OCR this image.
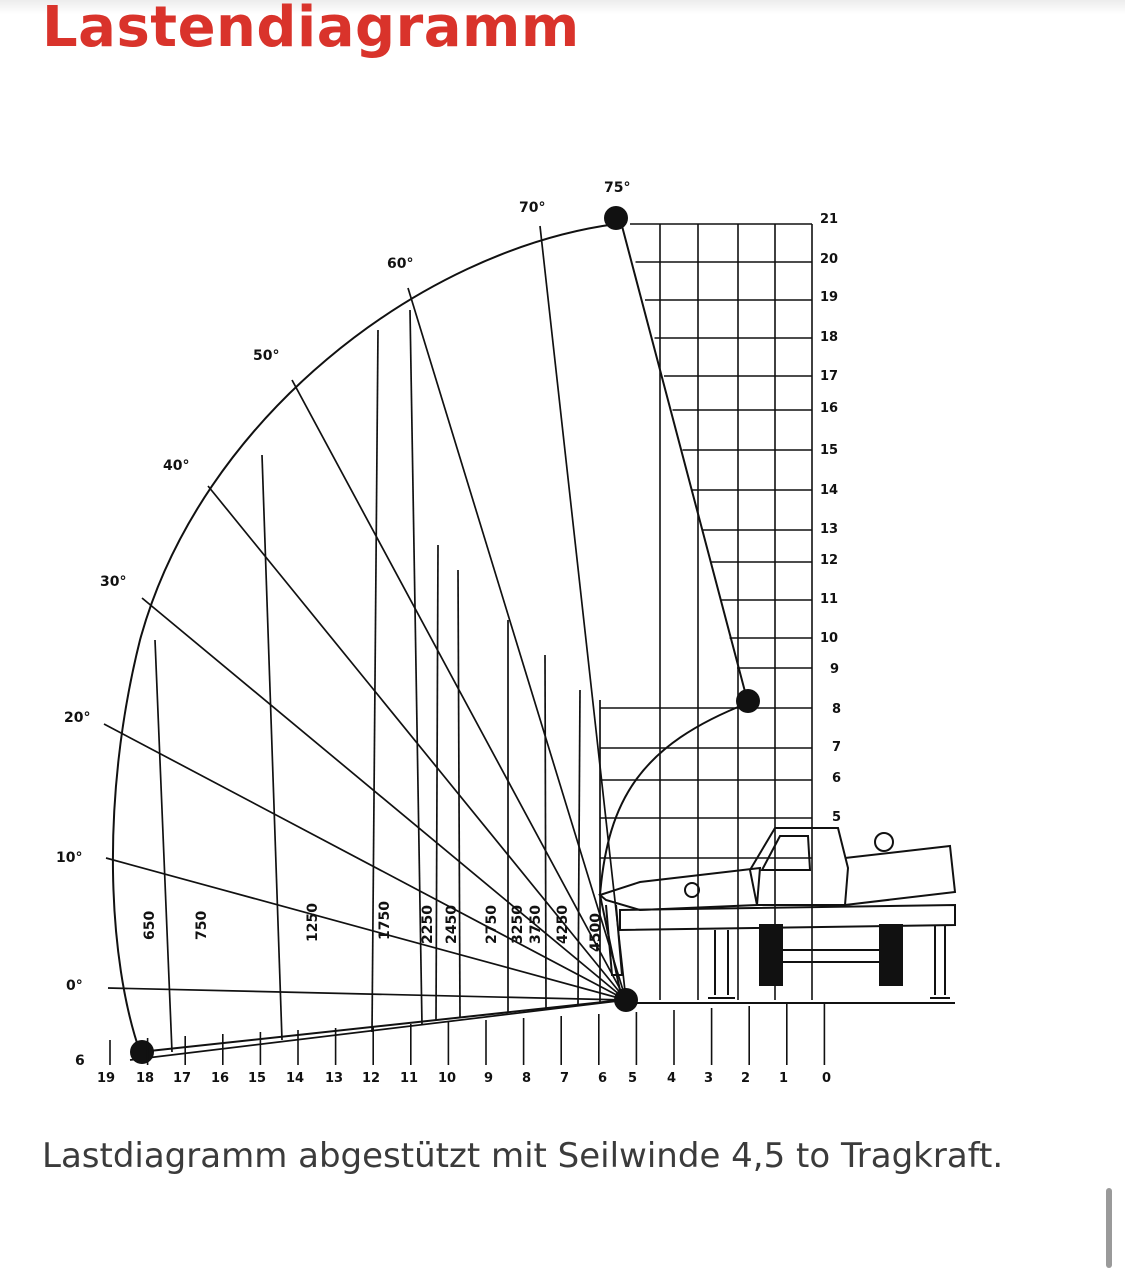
Lastendiagramm
75°
70°
60°
50°
40°
30°
20°
10°
0°
6
19 18 17 16 15 14 13 12 11 10 9 8 7 6 5 4 3 2 1	0
21
20
19
18
17
16
15
14
13
12
11
10
9
8
7
6
5
650	750	1250	1750 2250 2450 2750 3250 3750 4250 4500

Lastdiagramm abgestützt mit Seilwinde 4,5 to Tragkraft.
